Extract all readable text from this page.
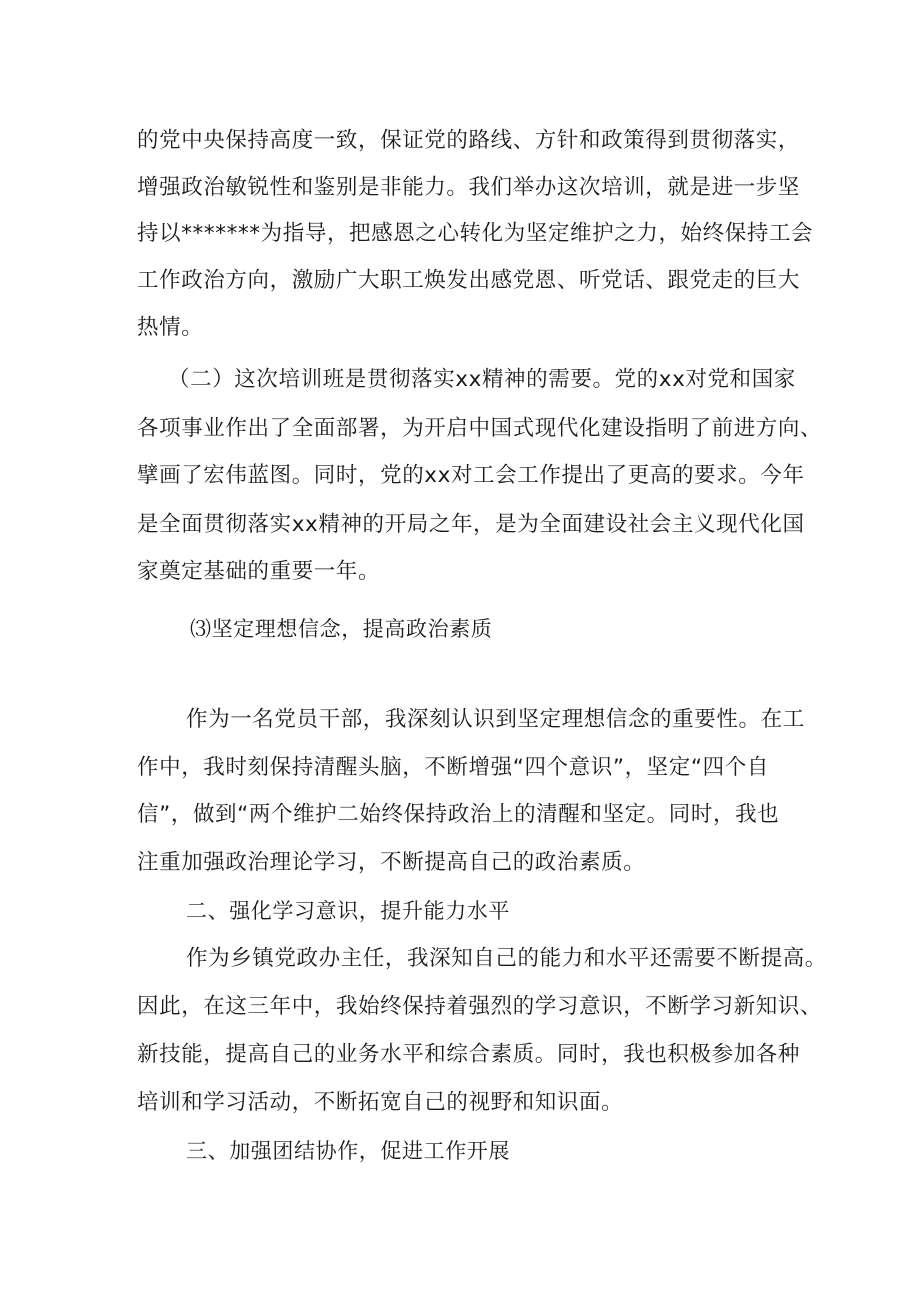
的党中央保持高度一致，保证党的路线、方针和政策得到贯彻落实，
增强政治敏锐性和鉴别是非能力。我们举办这次培训，就是进一步坚
持以*******为指导，把感恩之心转化为坚定维护之力，始终保持工会
工作政治方向，激励广大职工焕发出感党恩、听党话、跟党走的巨大
热情。
（二）这次培训班是贯彻落实xx精神的需要。党的xx对党和国家
各项事业作出了全面部署，为开启中国式现代化建设指明了前进方向、
擘画了宏伟蓝图。同时，党的xx对工会工作提出了更高的要求。今年
是全面贯彻落实xx精神的开局之年，是为全面建设社会主义现代化国
家奠定基础的重要一年。
⑶坚定理想信念，提高政治素质
作为一名党员干部，我深刻认识到坚定理想信念的重要性。在工
作中，我时刻保持清醒头脑，不断增强“四个意识”，坚定“四个自
信”，做到“两个维护二始终保持政治上的清醒和坚定。同时，我也
注重加强政治理论学习，不断提高自己的政治素质。
二、强化学习意识，提升能力水平
作为乡镇党政办主任，我深知自己的能力和水平还需要不断提高。
因此，在这三年中，我始终保持着强烈的学习意识，不断学习新知识、
新技能，提高自己的业务水平和综合素质。同时，我也积极参加各种
培训和学习活动，不断拓宽自己的视野和知识面。
三、加强团结协作，促进工作开展
